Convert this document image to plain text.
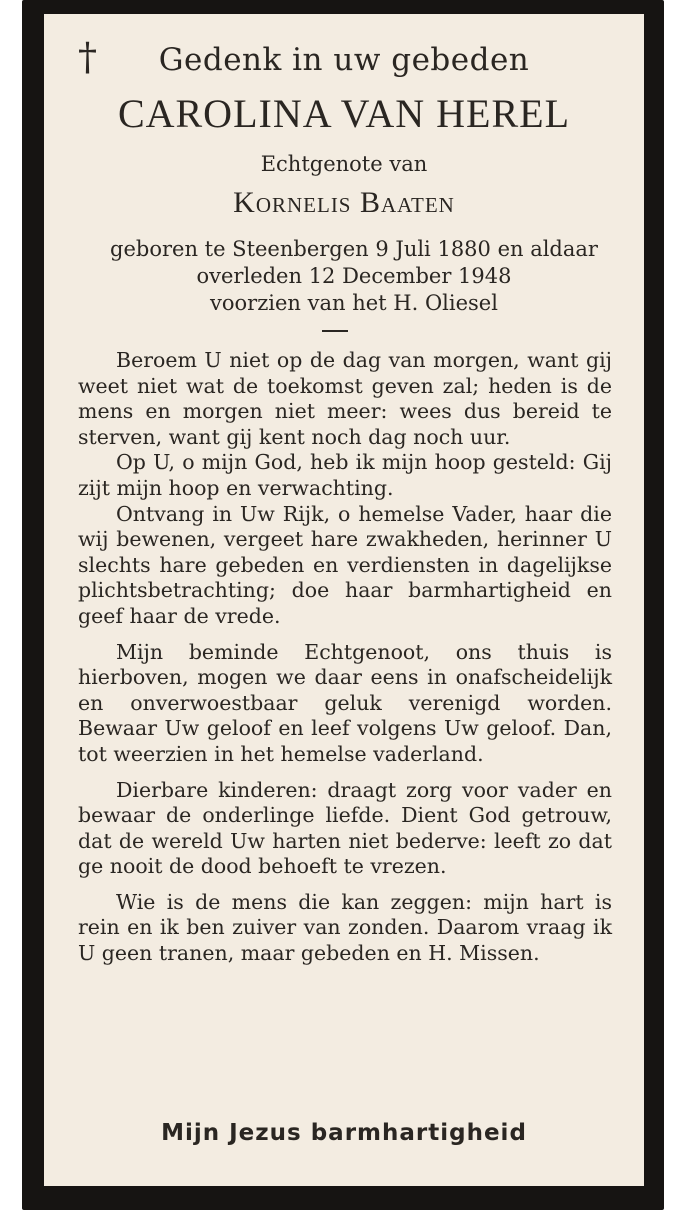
†	Gedenk in uw gebeden
CAROLINA VAN HEREL
Echtgenote van
Kornelis Baaten
geboren te Steenbergen 9 Juli 1880 en aldaar
overleden 12 December 1948
voorzien van het H. Oliesel

Beroem U niet op de dag van morgen, want gij weet niet wat de toekomst geven zal; heden is de mens en morgen niet meer: wees dus bereid te sterven, want gij kent noch dag noch uur.

Op U, o mijn God, heb ik mijn hoop gesteld: Gij zijt mijn hoop en verwachting.

Ontvang in Uw Rijk, o hemelse Vader, haar die wij bewenen, vergeet hare zwakheden, herinner U slechts hare gebeden en verdiensten in dagelijkse plichtsbetrachting; doe haar barmhartigheid en geef haar de vrede.

Mijn beminde Echtgenoot, ons thuis is hierboven, mogen we daar eens in onafscheidelijk en onverwoestbaar geluk verenigd worden. Bewaar Uw geloof en leef volgens Uw geloof. Dan, tot weerzien in het hemelse vaderland.

Dierbare kinderen: draagt zorg voor vader en bewaar de onderlinge liefde. Dient God getrouw, dat de wereld Uw harten niet bederve: leeft zo dat ge nooit de dood behoeft te vrezen.

Wie is de mens die kan zeggen: mijn hart is rein en ik ben zuiver van zonden. Daarom vraag ik U geen tranen, maar gebeden en H. Missen.

Mijn Jezus barmhartigheid
